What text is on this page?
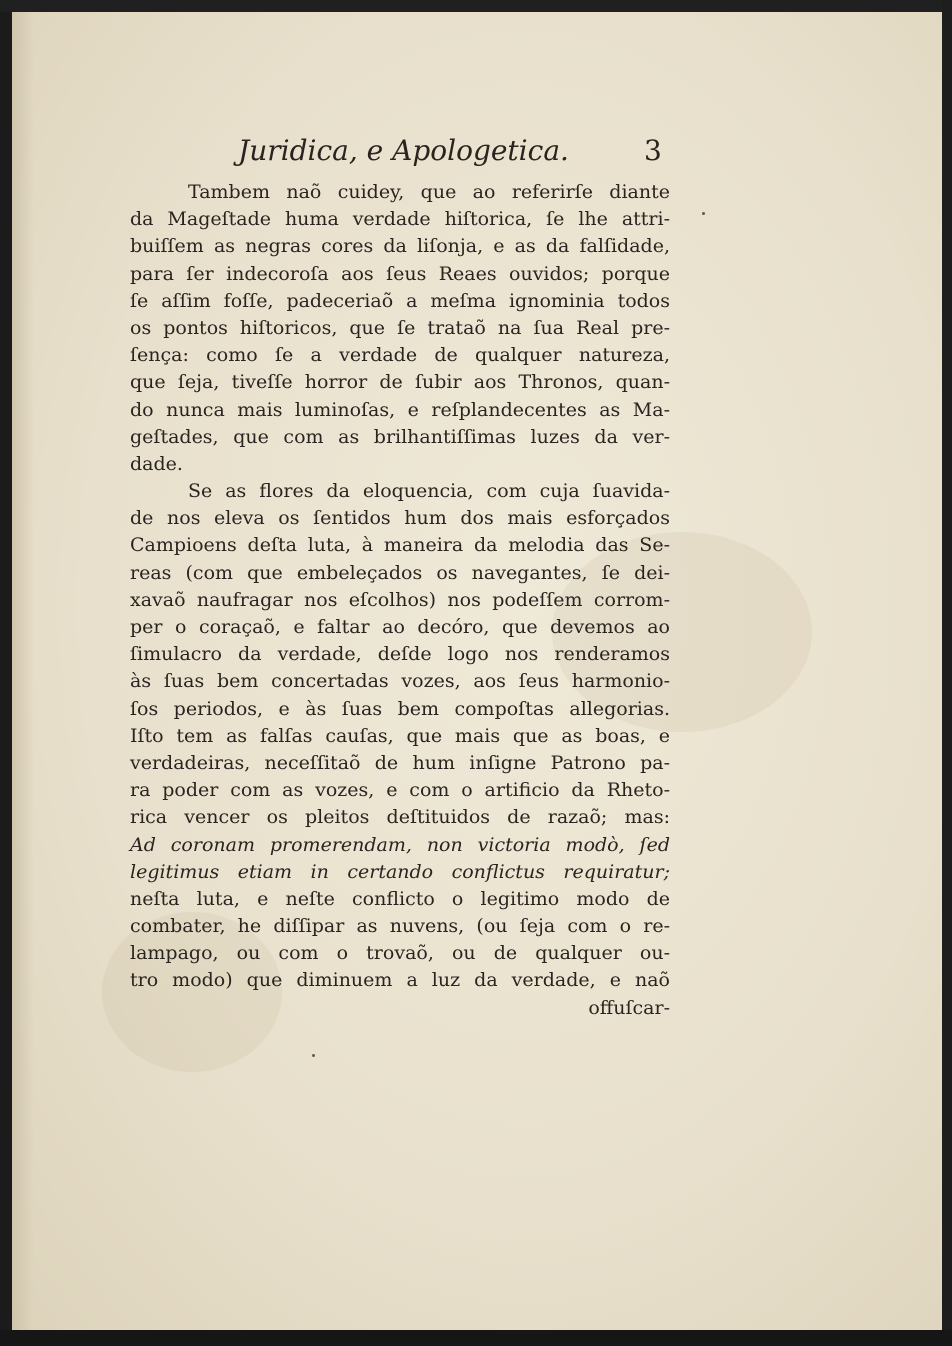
Juridica, e Apologetica.	3
Tambem naõ cuidey, que ao referirſe diante
da Mageſtade huma verdade hiſtorica, ſe lhe attri-
buiſſem as negras cores da liſonja, e as da falſidade,
para ſer indecoroſa aos ſeus Reaes ouvidos; porque
ſe aſſim foſſe, padeceriaõ a meſma ignominia todos
os pontos hiſtoricos, que ſe trataõ na ſua Real pre-
ſença: como ſe a verdade de qualquer natureza,
que ſeja, tiveſſe horror de ſubir aos Thronos, quan-
do nunca mais luminoſas, e reſplandecentes as Ma-
geſtades, que com as brilhantiſſimas luzes da ver-
dade.
Se as flores da eloquencia, com cuja ſuavida-
de nos eleva os ſentidos hum dos mais esforçados
Campioens deſta luta, à maneira da melodia das Se-
reas (com que embeleçados os navegantes, ſe dei-
xavaõ naufragar nos eſcolhos) nos podeſſem corrom-
per o coraçaõ, e faltar ao decóro, que devemos ao
ſimulacro da verdade, deſde logo nos renderamos
às ſuas bem concertadas vozes, aos ſeus harmonio-
ſos periodos, e às ſuas bem compoſtas allegorias.
Iſto tem as falſas cauſas, que mais que as boas, e
verdadeiras, neceſſitaõ de hum inſigne Patrono pa-
ra poder com as vozes, e com o artificio da Rheto-
rica vencer os pleitos deſtituidos de razaõ; mas:
Ad coronam promerendam, non victoria modò, ſed
legitimus etiam in certando conflictus requiratur;
neſta luta, e neſte conflicto o legitimo modo de
combater, he diſſipar as nuvens, (ou ſeja com o re-
lampago, ou com o trovaõ, ou de qualquer ou-
tro modo) que diminuem a luz da verdade, e naõ
offuſcar-
